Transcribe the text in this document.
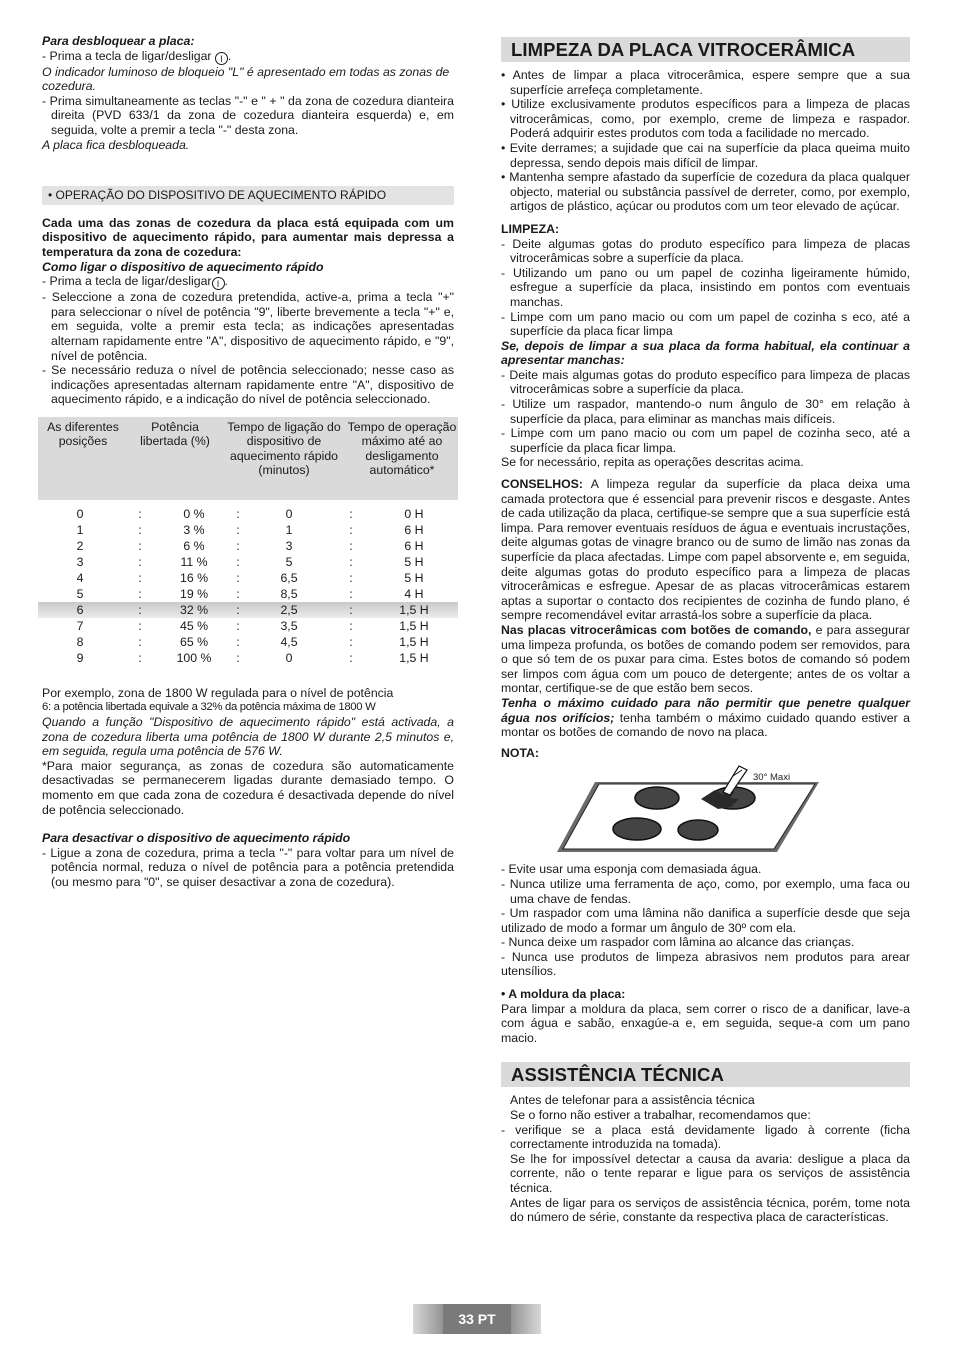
Para desbloquear a placa:

- Prima a tecla de ligar/desligar I .

O indicador luminoso de bloqueio "L" é apresentado em todas as zonas de cozedura.

- Prima simultaneamente as teclas "-" e " + " da zona de cozedura dianteira direita (PVD 633/1 da zona de cozedura dianteira esquerda) e, em seguida, volte a premir a tecla "-" desta zona.

A placa fica desbloqueada.

• OPERAÇÃO DO DISPOSITIVO DE AQUECIMENTO RÁPIDO

Cada uma das zonas de cozedura da placa está equipada com um dispositivo de aquecimento rápido, para aumentar mais depressa a temperatura da zona de cozedura:

Como ligar o dispositivo de aquecimento rápido

- Prima a tecla de ligar/desligar I .

- Seleccione a zona de cozedura pretendida, active-a, prima a tecla "+" para seleccionar o nível de potência "9", liberte brevemente a tecla "+" e, em seguida, volte a premir esta tecla; as indicações apresentadas alternam rapidamente entre "A", dispositivo de aquecimento rápido, e "9", nível de potência.

- Se necessário reduza o nível de potência seleccionado; nesse caso as indicações apresentadas alternam rapidamente entre "A", dispositivo de aquecimento rápido, e a indicação do nível de potência seleccionado.

As diferentes posições
Potência libertada (%)
Tempo de ligação do dispositivo de aquecimento rápido (minutos)
Tempo de operação máximo até ao desligamento automático*
0	:	0 %	:	0	:	0 H
1	:	3 %	:	1	:	6 H
2	:	6 %	:	3	:	6 H
3	:	11 %	:	5	:	5 H
4	:	16 %	:	6,5	:	5 H
5	:	19 %	:	8,5	:	4 H
6	:	32 %	:	2,5	:	1,5 H
7	:	45 %	:	3,5	:	1,5 H
8	:	65 %	:	4,5	:	1,5 H
9	:	100 %	:	0	:	1,5 H

Por exemplo, zona de 1800 W regulada para o nível de potência

6: a potência libertada equivale a 32% da potência máxima de 1800 W

Quando a função "Dispositivo de aquecimento rápido" está activada, a zona de cozedura liberta uma potência de 1800 W durante 2,5 minutos e, em seguida, regula uma potência de 576 W.

*Para maior segurança, as zonas de cozedura são automaticamente desactivadas se permanecerem ligadas durante demasiado tempo. O momento em que cada zona de cozedura é desactivada depende do nível de potência seleccionado.

Para desactivar o dispositivo de aquecimento rápido

- Ligue a zona de cozedura, prima a tecla "-" para voltar para um nível de potência normal, reduza o nível de potência para a potência pretendida (ou mesmo para "0", se quiser desactivar a zona de cozedura).

LIMPEZA DA PLACA VITROCERÂMICA

• Antes de limpar a placa vitrocerâmica, espere sempre que a sua superfície arrefeça completamente.

• Utilize exclusivamente produtos específicos para a limpeza de placas vitrocerâmicas, como, por exemplo, creme de limpeza e raspador. Poderá adquirir estes produtos com toda a facilidade no mercado.

• Evite derrames; a sujidade que cai na superfície da placa queima muito depressa, sendo depois mais difícil de limpar.

• Mantenha sempre afastado da superfície de cozedura da placa qualquer objecto, material ou substância passível de derreter, como, por exemplo, artigos de plástico, açúcar ou produtos com um teor elevado de açúcar.

LIMPEZA:

- Deite algumas gotas do produto específico para limpeza de placas vitrocerâmicas sobre a superfície da placa.

- Utilizando um pano ou um papel de cozinha ligeiramente húmido, esfregue a superfície da placa, insistindo em pontos com eventuais manchas.

- Limpe com um pano macio ou com um papel de cozinha s eco, até a superfície da placa ficar limpa

Se, depois de limpar a sua placa da forma habitual, ela continuar a apresentar manchas:

- Deite mais algumas gotas do produto específico para limpeza de placas vitrocerâmicas sobre a superfície da placa.

- Utilize um raspador, mantendo-o num ângulo de 30° em relação à superfície da placa, para eliminar as manchas mais difíceis.

- Limpe com um pano macio ou com um papel de cozinha seco, até a superfície da placa ficar limpa.

Se for necessário, repita as operações descritas acima.

CONSELHOS: A limpeza regular da superfície da placa deixa uma camada protectora que é essencial para prevenir riscos e desgaste. Antes de cada utilização da placa, certifique-se sempre que a sua superfície está limpa. Para remover eventuais resíduos de água e eventuais incrustações, deite algumas gotas de vinagre branco ou de sumo de limão nas zonas da superfície da placa afectadas. Limpe com papel absorvente e, em seguida, deite algumas gotas do produto específico para a limpeza de placas vitrocerâmicas e esfregue. Apesar de as placas vitrocerâmicas estarem aptas a suportar o contacto dos recipientes de cozinha de fundo plano, é sempre recomendável evitar arrastá-los sobre a superfície da placa.

Nas placas vitrocerâmicas com botões de comando, e para assegurar uma limpeza profunda, os botões de comando podem ser removidos, para o que só tem de os puxar para cima. Estes botos de comando só podem ser limpos com água com um pouco de detergente; antes de os voltar a montar, certifique-se de que estão bem secos.

Tenha o máximo cuidado para não permitir que penetre qualquer água nos orifícios; tenha também o máximo cuidado quando estiver a montar os botões de comando de novo na placa.

NOTA:

30° Maxi

- Evite usar uma esponja com demasiada água.

- Nunca utilize uma ferramenta de aço, como, por exemplo, uma faca ou uma chave de fendas.

- Um raspador com uma lâmina não danifica a superfície desde que seja utilizado de modo a formar um ângulo de 30º com ela.

- Nunca deixe um raspador com lâmina ao alcance das crianças.

- Nunca use produtos de limpeza abrasivos nem produtos para arear utensílios.

• A moldura da placa:

Para limpar a moldura da placa, sem correr o risco de a danificar, lave-a com água e sabão, enxagúe-a e, em seguida, seque-a com um pano macio.

ASSISTÊNCIA TÉCNICA

Antes de telefonar para a assistência técnica

Se o forno não estiver a trabalhar, recomendamos que:

- verifique se a placa está devidamente ligado à corrente (ficha correctamente introduzida na tomada).

Se lhe for impossível detectar a causa da avaria: desligue a placa da corrente, não o tente reparar e ligue para os serviços de assistência técnica.

Antes de ligar para os serviços de assistência técnica, porém, tome nota do número de série, constante da respectiva placa de características.

33 PT
